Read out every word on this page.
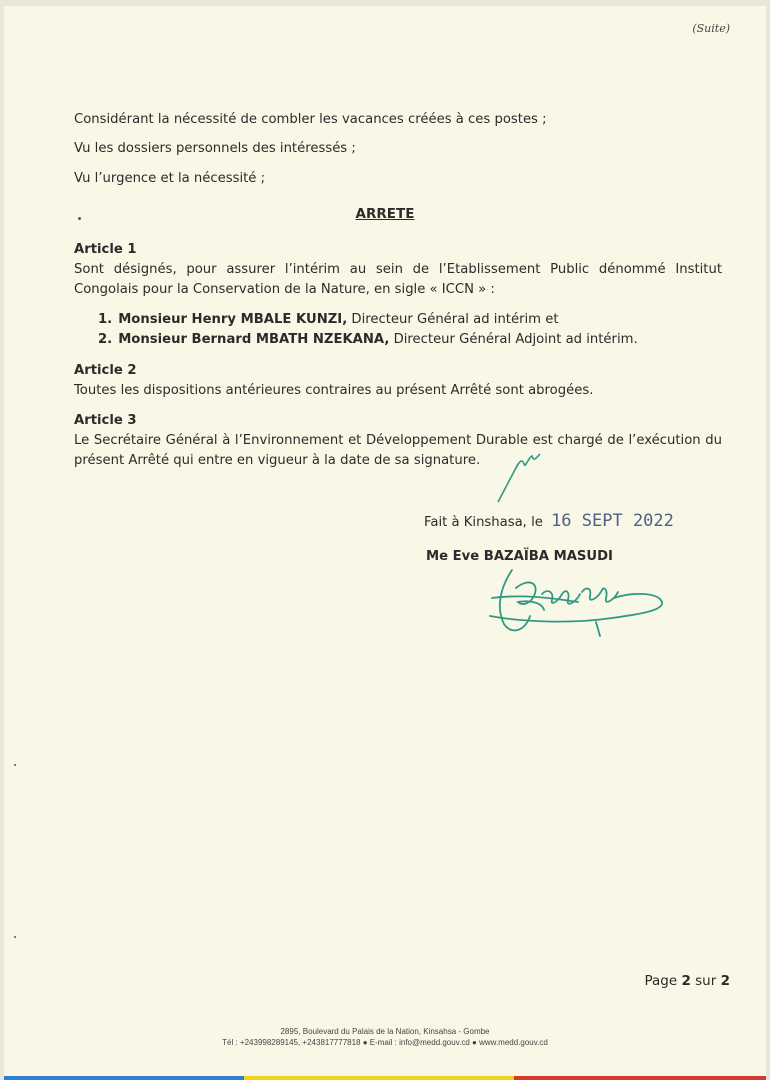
(Suite)
Considérant la nécessité de combler les vacances créées à ces postes ;
Vu les dossiers personnels des intéressés ;
Vu l’urgence et la nécessité ;
ARRETE
Article 1
Sont désignés, pour assurer l’intérim au sein de l’Etablissement Public dénommé Institut Congolais pour la Conservation de la Nature, en sigle « ICCN » :
1. Monsieur Henry MBALE KUNZI, Directeur Général ad intérim et
2. Monsieur Bernard MBATH NZEKANA, Directeur Général Adjoint ad intérim.
Article 2
Toutes les dispositions antérieures contraires au présent Arrêté sont abrogées.
Article 3
Le Secrétaire Général à l’Environnement et Développement Durable est chargé de l’exécution du présent Arrêté qui entre en vigueur à la date de sa signature.
Fait à Kinshasa, le 16 SEPT 2022
Me Eve BAZAÏBA MASUDI
Page 2 sur 2
2895, Boulevard du Palais de la Nation, Kinsahsa - Gombe
Tél : +243998289145, +243817777818 ● E-mail : info@medd.gouv.cd ● www.medd.gouv.cd
